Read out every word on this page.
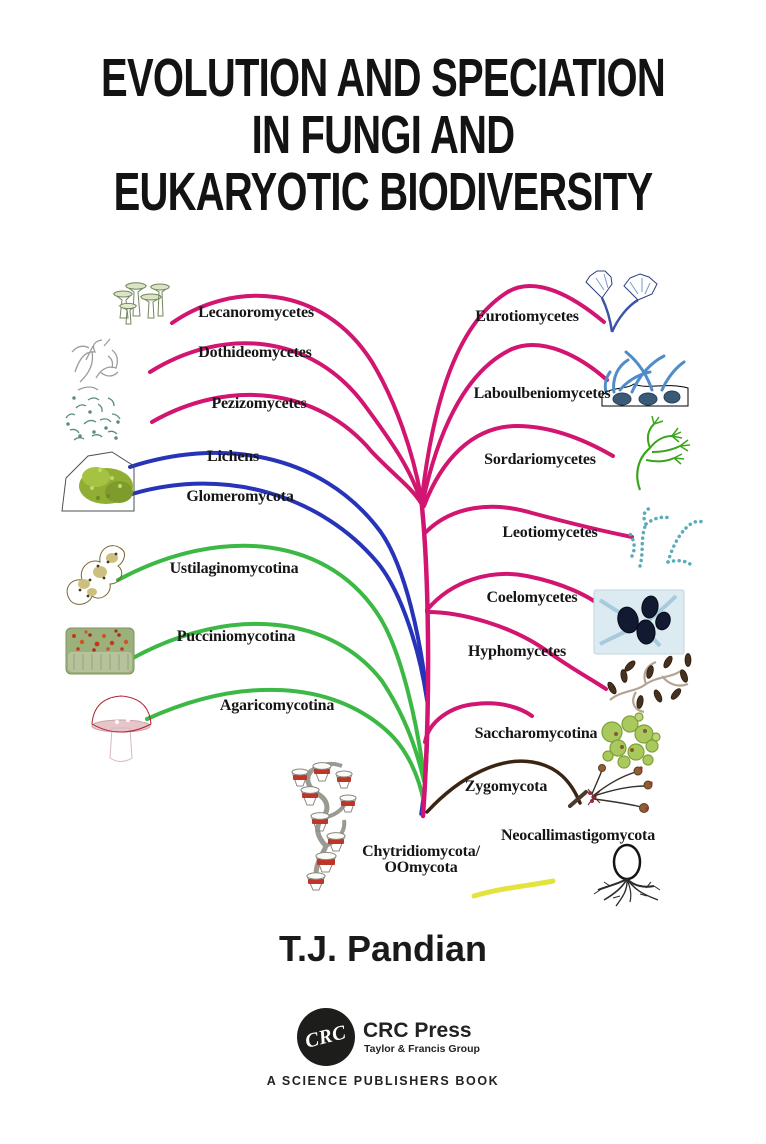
EVOLUTION AND SPECIATION
IN FUNGI AND
EUKARYOTIC BIODIVERSITY
Lecanoromycetes
Dothideomycetes
Pezizomycetes
Lichens
Glomeromycota
Ustilaginomycotina
Pucciniomycotina
Agaricomycotina
Eurotiomycetes
Laboulbeniomycetes
Sordariomycetes
Leotiomycetes
Coelomycetes
Hyphomycetes
Saccharomycotina
Zygomycota
Neocallimastigomycota
Chytridiomycota/
OOmycota
T.J. Pandian
CRC CRC Press
Taylor & Francis Group
A SCIENCE PUBLISHERS BOOK
